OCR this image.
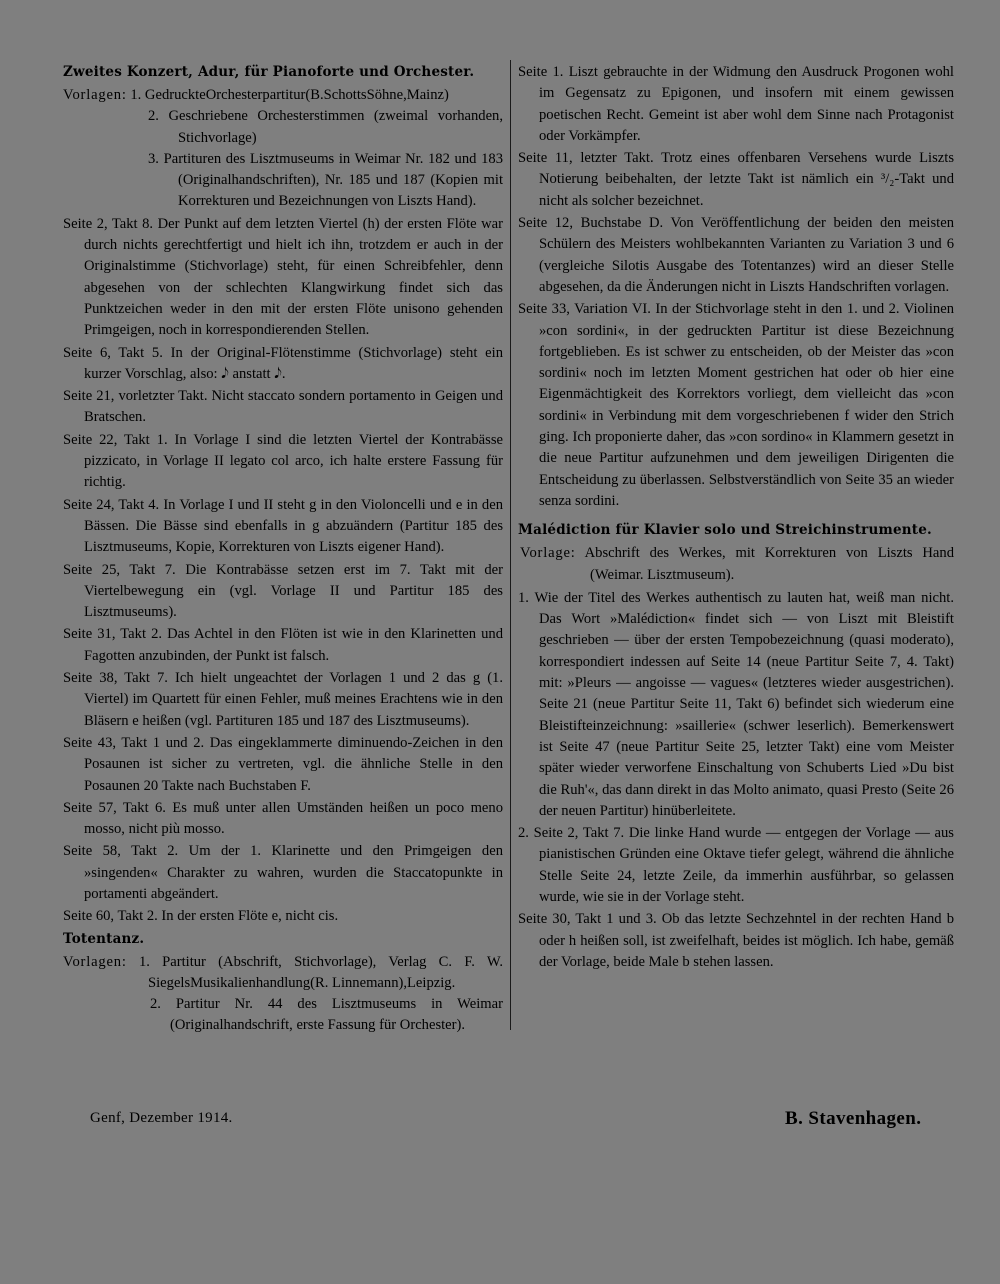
Zweites Konzert, Adur, für Pianoforte und Orchester.
Vorlagen: 1. GedruckteOrchesterpartitur(B.SchottsSöhne,Mainz)
2. Geschriebene Orchesterstimmen (zweimal vorhanden, Stichvorlage)
3. Partituren des Lisztmuseums in Weimar Nr. 182 und 183 (Originalhandschriften), Nr. 185 und 187 (Kopien mit Korrekturen und Bezeichnungen von Liszts Hand).

Seite 2, Takt 8. Der Punkt auf dem letzten Viertel (h) der ersten Flöte war durch nichts gerechtfertigt und hielt ich ihn, trotzdem er auch in der Originalstimme (Stichvorlage) steht, für einen Schreibfehler, denn abgesehen von der schlechten Klangwirkung findet sich das Punktzeichen weder in den mit der ersten Flöte unisono gehenden Primgeigen, noch in korrespondierenden Stellen.

Seite 6, Takt 5. In der Original-Flötenstimme (Stichvorlage) steht ein kurzer Vorschlag, also: 𝅘𝅥𝅮 anstatt 𝅘𝅥𝅮.

Seite 21, vorletzter Takt. Nicht staccato sondern portamento in Geigen und Bratschen.

Seite 22, Takt 1. In Vorlage I sind die letzten Viertel der Kontrabässe pizzicato, in Vorlage II legato col arco, ich halte erstere Fassung für richtig.

Seite 24, Takt 4. In Vorlage I und II steht g in den Violoncelli und e in den Bässen. Die Bässe sind ebenfalls in g abzuändern (Partitur 185 des Lisztmuseums, Kopie, Korrekturen von Liszts eigener Hand).

Seite 25, Takt 7. Die Kontrabässe setzen erst im 7. Takt mit der Viertelbewegung ein (vgl. Vorlage II und Partitur 185 des Lisztmuseums).

Seite 31, Takt 2. Das Achtel in den Flöten ist wie in den Klarinetten und Fagotten anzubinden, der Punkt ist falsch.

Seite 38, Takt 7. Ich hielt ungeachtet der Vorlagen 1 und 2 das g (1. Viertel) im Quartett für einen Fehler, muß meines Erachtens wie in den Bläsern e heißen (vgl. Partituren 185 und 187 des Lisztmuseums).

Seite 43, Takt 1 und 2. Das eingeklammerte diminuendo-Zeichen in den Posaunen ist sicher zu vertreten, vgl. die ähnliche Stelle in den Posaunen 20 Takte nach Buchstaben F.

Seite 57, Takt 6. Es muß unter allen Umständen heißen un poco meno mosso, nicht più mosso.

Seite 58, Takt 2. Um der 1. Klarinette und den Primgeigen den »singenden« Charakter zu wahren, wurden die Staccatopunkte in portamenti abgeändert.

Seite 60, Takt 2. In der ersten Flöte e, nicht cis.

Totentanz.
Vorlagen: 1. Partitur (Abschrift, Stichvorlage), Verlag C. F. W. SiegelsMusikalienhandlung(R. Linnemann),Leipzig.
2. Partitur Nr. 44 des Lisztmuseums in Weimar (Originalhandschrift, erste Fassung für Orchester).

Seite 1. Liszt gebrauchte in der Widmung den Ausdruck Progonen wohl im Gegensatz zu Epigonen, und insofern mit einem gewissen poetischen Recht. Gemeint ist aber wohl dem Sinne nach Protagonist oder Vorkämpfer.

Seite 11, letzter Takt. Trotz eines offenbaren Versehens wurde Liszts Notierung beibehalten, der letzte Takt ist nämlich ein ³/₂-Takt und nicht als solcher bezeichnet.

Seite 12, Buchstabe D. Von Veröffentlichung der beiden den meisten Schülern des Meisters wohlbekannten Varianten zu Variation 3 und 6 (vergleiche Silotis Ausgabe des Totentanzes) wird an dieser Stelle abgesehen, da die Änderungen nicht in Liszts Handschriften vorlagen.

Seite 33, Variation VI. In der Stichvorlage steht in den 1. und 2. Violinen »con sordini«, in der gedruckten Partitur ist diese Bezeichnung fortgeblieben. Es ist schwer zu entscheiden, ob der Meister das »con sordini« noch im letzten Moment gestrichen hat oder ob hier eine Eigenmächtigkeit des Korrektors vorliegt, dem vielleicht das »con sordini« in Verbindung mit dem vorgeschriebenen f wider den Strich ging. Ich proponierte daher, das »con sordino« in Klammern gesetzt in die neue Partitur aufzunehmen und dem jeweiligen Dirigenten die Entscheidung zu überlassen. Selbstverständlich von Seite 35 an wieder senza sordini.

Malédiction für Klavier solo und Streichinstrumente.
Vorlage: Abschrift des Werkes, mit Korrekturen von Liszts Hand (Weimar. Lisztmuseum).

1. Wie der Titel des Werkes authentisch zu lauten hat, weiß man nicht. Das Wort »Malédiction« findet sich — von Liszt mit Bleistift geschrieben — über der ersten Tempobezeichnung (quasi moderato), korrespondiert indessen auf Seite 14 (neue Partitur Seite 7, 4. Takt) mit: »Pleurs — angoisse — vagues« (letzteres wieder ausgestrichen). Seite 21 (neue Partitur Seite 11, Takt 6) befindet sich wiederum eine Bleistifteinzeichnung: »saillerie« (schwer leserlich). Bemerkenswert ist Seite 47 (neue Partitur Seite 25, letzter Takt) eine vom Meister später wieder verworfene Einschaltung von Schuberts Lied »Du bist die Ruh'«, das dann direkt in das Molto animato, quasi Presto (Seite 26 der neuen Partitur) hinüberleitete.

2. Seite 2, Takt 7. Die linke Hand wurde — entgegen der Vorlage — aus pianistischen Gründen eine Oktave tiefer gelegt, während die ähnliche Stelle Seite 24, letzte Zeile, da immerhin ausführbar, so gelassen wurde, wie sie in der Vorlage steht.

Seite 30, Takt 1 und 3. Ob das letzte Sechzehntel in der rechten Hand b oder h heißen soll, ist zweifelhaft, beides ist möglich. Ich habe, gemäß der Vorlage, beide Male b stehen lassen.

Genf, Dezember 1914.	B. Stavenhagen.
